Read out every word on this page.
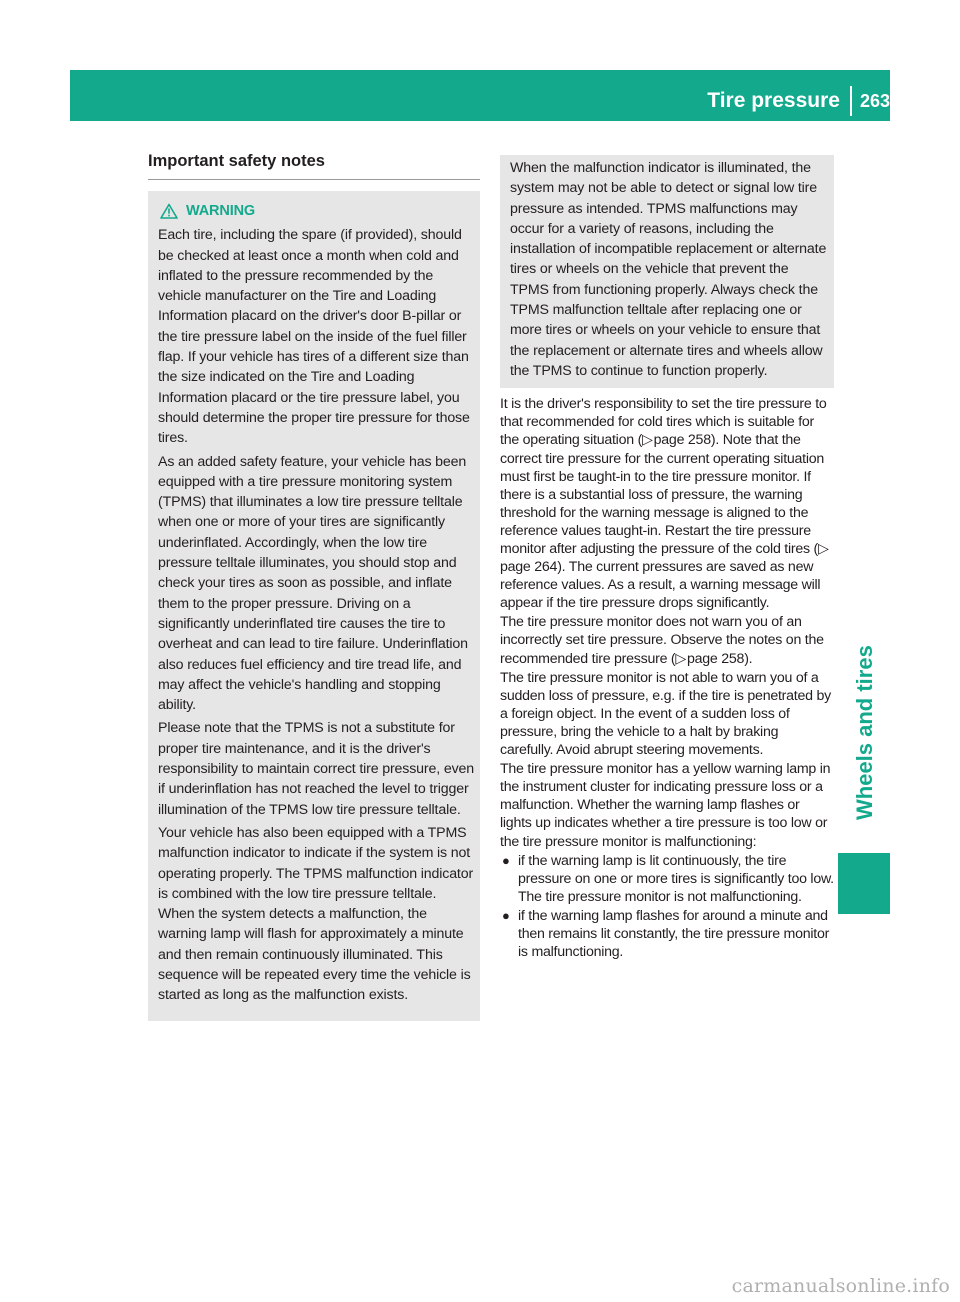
Tire pressure	263
Wheels and tires
Important safety notes
WARNING

Each tire, including the spare (if provided), should be checked at least once a month when cold and inflated to the pressure recommended by the vehicle manufacturer on the Tire and Loading Information placard on the driver's door B-pillar or the tire pressure label on the inside of the fuel filler flap. If your vehicle has tires of a different size than the size indicated on the Tire and Loading Information placard or the tire pressure label, you should determine the proper tire pressure for those tires.

As an added safety feature, your vehicle has been equipped with a tire pressure monitoring system (TPMS) that illuminates a low tire pressure telltale when one or more of your tires are significantly underinflated. Accordingly, when the low tire pressure telltale illuminates, you should stop and check your tires as soon as possible, and inflate them to the proper pressure. Driving on a significantly underinflated tire causes the tire to overheat and can lead to tire failure. Underinflation also reduces fuel efficiency and tire tread life, and may affect the vehicle's handling and stopping ability.

Please note that the TPMS is not a substitute for proper tire maintenance, and it is the driver's responsibility to maintain correct tire pressure, even if underinflation has not reached the level to trigger illumination of the TPMS low tire pressure telltale.

Your vehicle has also been equipped with a TPMS malfunction indicator to indicate if the system is not operating properly. The TPMS malfunction indicator is combined with the low tire pressure telltale. When the system detects a malfunction, the warning lamp will flash for approximately a minute and then remain continuously illuminated. This sequence will be repeated every time the vehicle is started as long as the malfunction exists.

When the malfunction indicator is illuminated, the system may not be able to detect or signal low tire pressure as intended. TPMS malfunctions may occur for a variety of reasons, including the installation of incompatible replacement or alternate tires or wheels on the vehicle that prevent the TPMS from functioning properly. Always check the TPMS malfunction telltale after replacing one or more tires or wheels on your vehicle to ensure that the replacement or alternate tires and wheels allow the TPMS to continue to function properly.

It is the driver's responsibility to set the tire pressure to that recommended for cold tires which is suitable for the operating situation (▷ page 258). Note that the correct tire pressure for the current operating situation must first be taught-in to the tire pressure monitor. If there is a substantial loss of pressure, the warning threshold for the warning message is aligned to the reference values taught-in. Restart the tire pressure monitor after adjusting the pressure of the cold tires (▷ page 264). The current pressures are saved as new reference values. As a result, a warning message will appear if the tire pressure drops significantly.

The tire pressure monitor does not warn you of an incorrectly set tire pressure. Observe the notes on the recommended tire pressure (▷ page 258).

The tire pressure monitor is not able to warn you of a sudden loss of pressure, e.g. if the tire is penetrated by a foreign object. In the event of a sudden loss of pressure, bring the vehicle to a halt by braking carefully. Avoid abrupt steering movements.

The tire pressure monitor has a yellow warning lamp in the instrument cluster for indicating pressure loss or a malfunction. Whether the warning lamp flashes or lights up indicates whether a tire pressure is too low or the tire pressure monitor is malfunctioning:

● if the warning lamp is lit continuously, the tire pressure on one or more tires is significantly too low. The tire pressure monitor is not malfunctioning.
● if the warning lamp flashes for around a minute and then remains lit constantly, the tire pressure monitor is malfunctioning.
carmanualsonline.info
